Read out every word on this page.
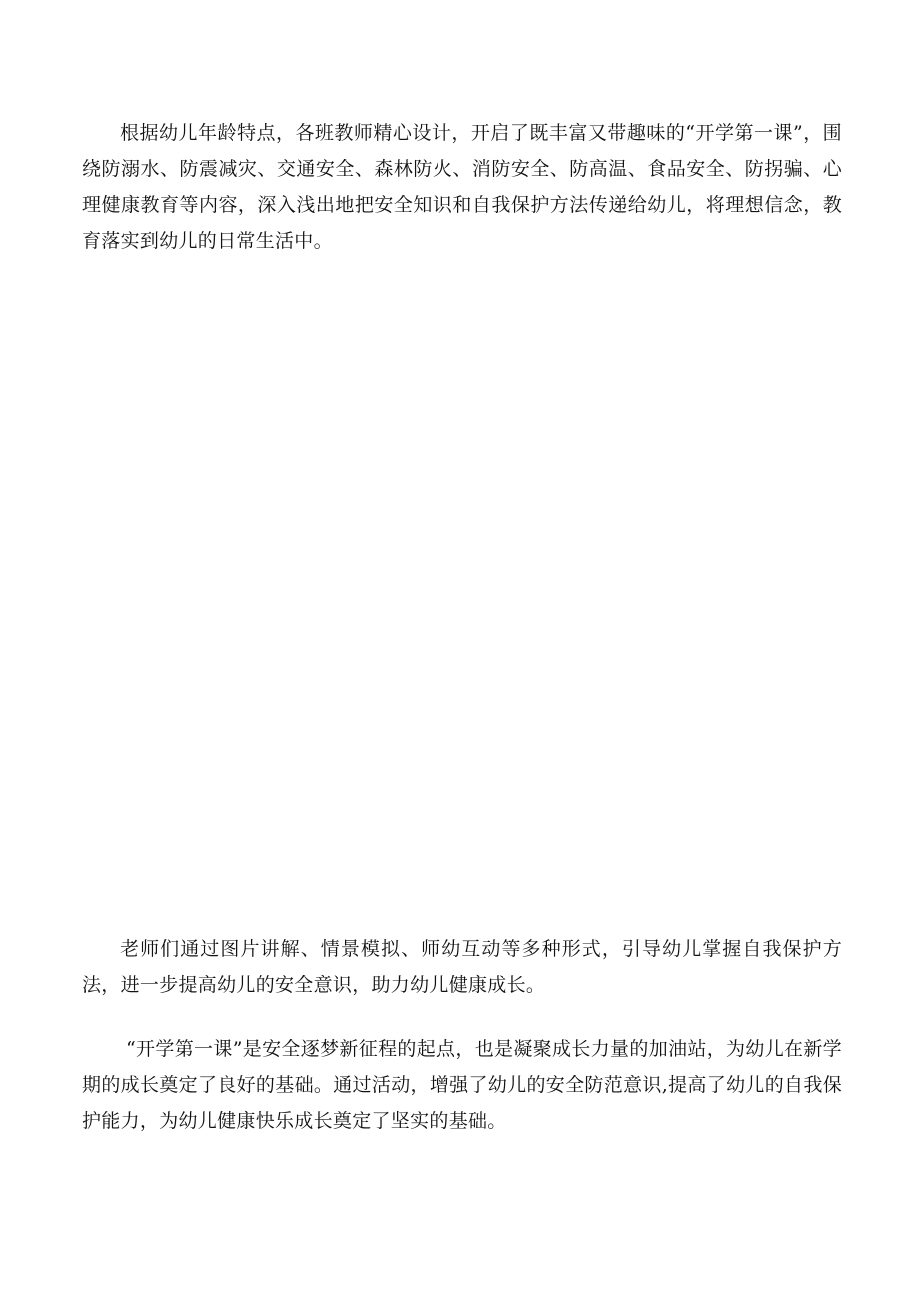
根据幼儿年龄特点，各班教师精心设计，开启了既丰富又带趣味的“开学第一课”，围绕防溺水、防震减灾、交通安全、森林防火、消防安全、防高温、食品安全、防拐骗、心理健康教育等内容，深入浅出地把安全知识和自我保护方法传递给幼儿，将理想信念，教育落实到幼儿的日常生活中。

老师们通过图片讲解、情景模拟、师幼互动等多种形式，引导幼儿掌握自我保护方法，进一步提高幼儿的安全意识，助力幼儿健康成长。

“开学第一课”是安全逐梦新征程的起点，也是凝聚成长力量的加油站，为幼儿在新学期的成长奠定了良好的基础。通过活动，增强了幼儿的安全防范意识,提高了幼儿的自我保护能力，为幼儿健康快乐成长奠定了坚实的基础。
